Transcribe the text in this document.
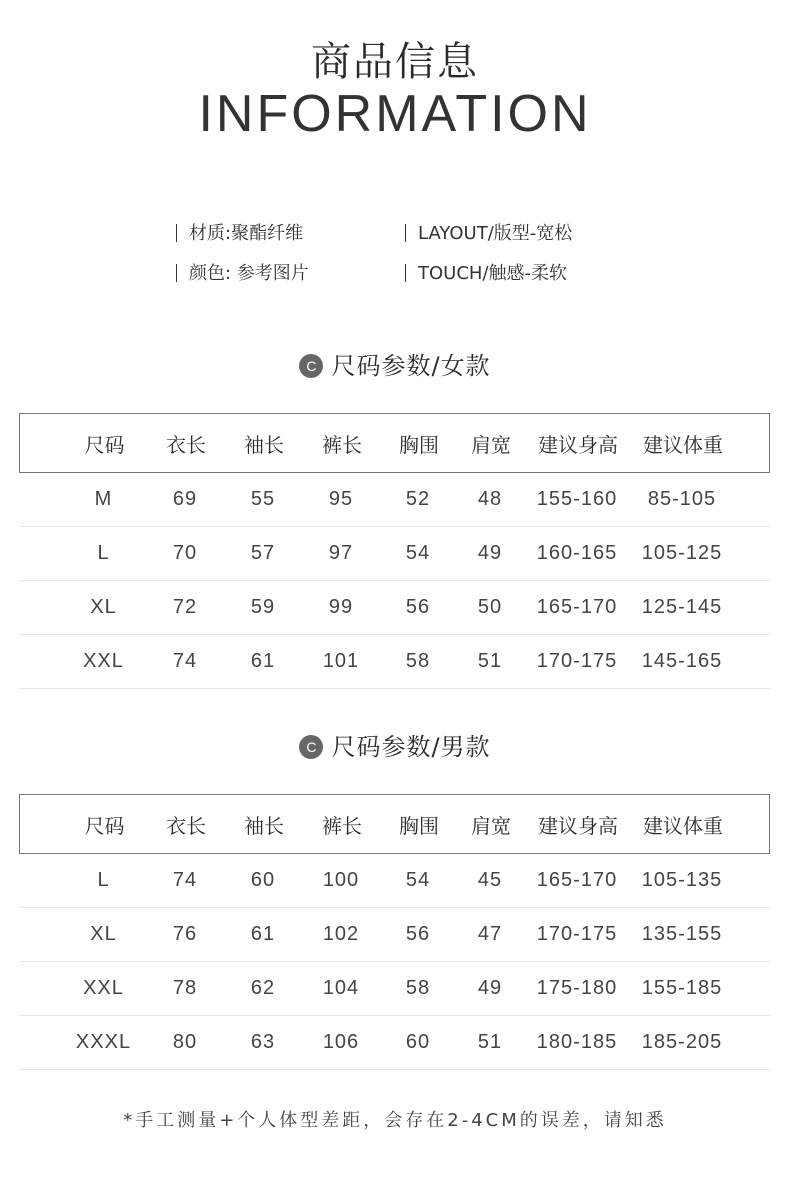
商品信息
INFORMATION
材质:聚酯纤维	LAYOUT/版型-宽松
颜色: 参考图片	TOUCH/触感-柔软
C 尺码参数/女款
尺码	衣长	袖长	裤长	胸围	肩宽	建议身高	建议体重
M	69	55	95	52	48	155-160	85-105
L	70	57	97	54	49	160-165	105-125
XL	72	59	99	56	50	165-170	125-145
XXL	74	61	101	58	51	170-175	145-165
C 尺码参数/男款
尺码	衣长	袖长	裤长	胸围	肩宽	建议身高	建议体重
L	74	60	100	54	45	165-170	105-135
XL	76	61	102	56	47	170-175	135-155
XXL	78	62	104	58	49	175-180	155-185
XXXL	80	63	106	60	51	180-185	185-205
*手工测量+个人体型差距，会存在2-4CM的误差，请知悉
